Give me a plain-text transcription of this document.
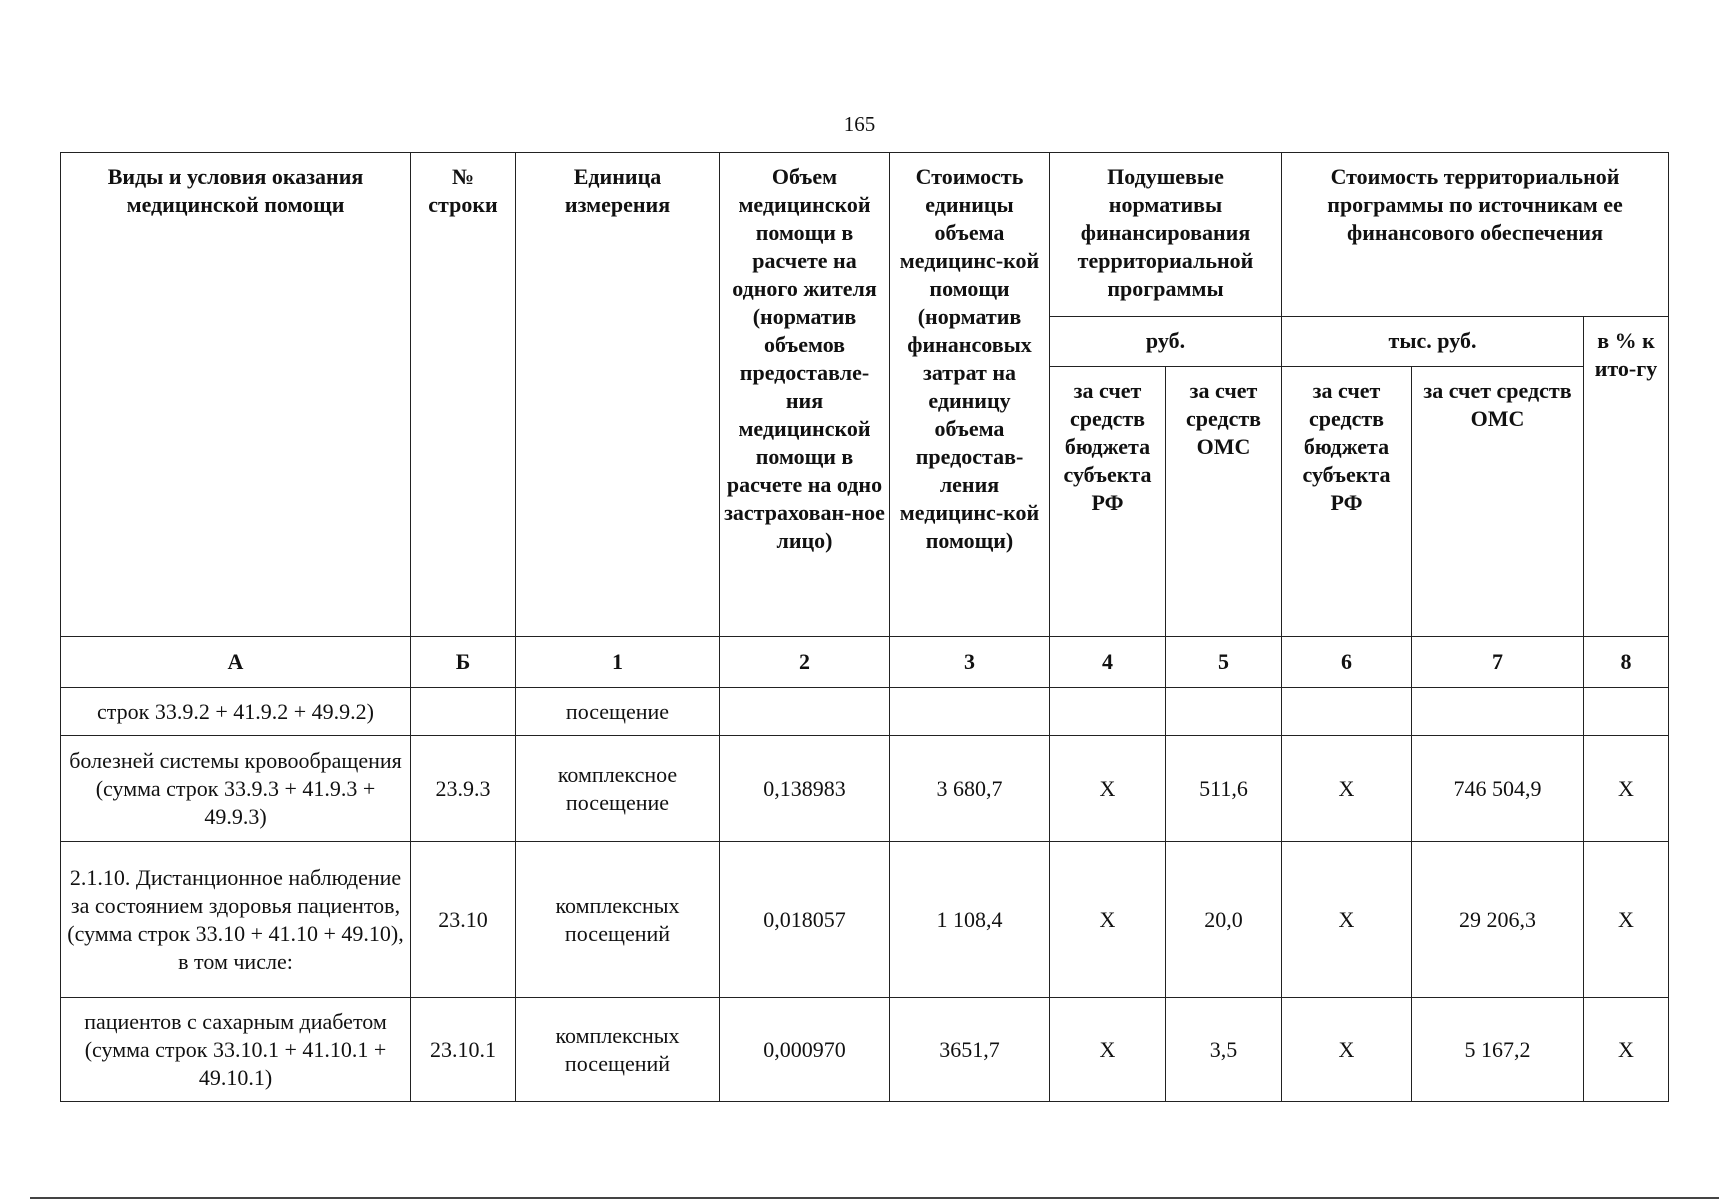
165
Виды и условия оказания медицинской помощи	№ строки	Единица измерения	Объем медицинской помощи в расчете на одного жителя (норматив объемов предоставле-ния медицинской помощи в расчете на одно застрахован-ное лицо)	Стоимость единицы объема медицинс-кой помощи (норматив финансовых затрат на единицу объема предостав-ления медицинс-кой помощи)	Подушевые нормативы финансирования территориальной программы		Стоимость территориальной программы по источникам ее финансового обеспечения		
					руб.		тыс. руб.		в % к ито-гу
					за счет средств бюджета субъекта РФ	за счет средств ОМС	за счет средств бюджета субъекта РФ	за счет средств ОМС	
А	Б	1	2	3	4	5	6	7	8
строк 33.9.2 + 41.9.2 + 49.9.2)		посещение							
болезней системы кровообращения (сумма строк 33.9.3 + 41.9.3 + 49.9.3)	23.9.3	комплексное посещение	0,138983	3 680,7	Х	511,6	Х	746 504,9	Х
2.1.10. Дистанционное наблюдение за состоянием здоровья пациентов, (сумма строк 33.10 + 41.10 + 49.10), в том числе:	23.10	комплексных посещений	0,018057	1 108,4	Х	20,0	Х	29 206,3	Х
пациентов с сахарным диабетом (сумма строк 33.10.1 + 41.10.1 + 49.10.1)	23.10.1	комплексных посещений	0,000970	3651,7	Х	3,5	Х	5 167,2	Х
